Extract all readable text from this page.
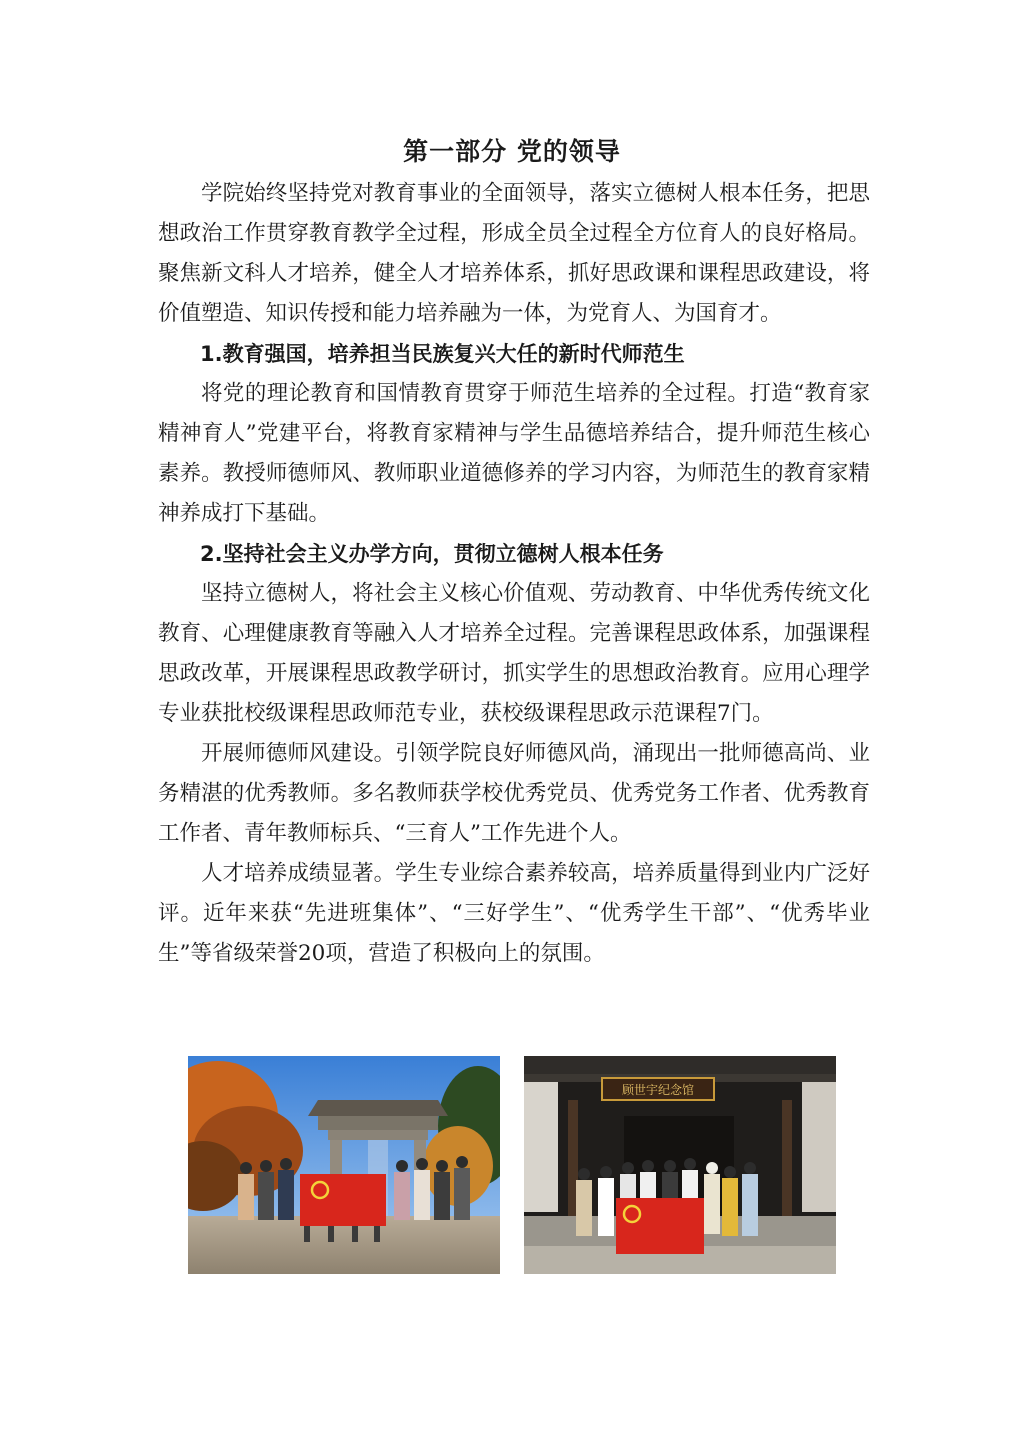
第一部分 党的领导

学院始终坚持党对教育事业的全面领导，落实立德树人根本任务，把思想政治工作贯穿教育教学全过程，形成全员全过程全方位育人的良好格局。聚焦新文科人才培养，健全人才培养体系，抓好思政课和课程思政建设，将价值塑造、知识传授和能力培养融为一体，为党育人、为国育才。

1.教育强国，培养担当民族复兴大任的新时代师范生

将党的理论教育和国情教育贯穿于师范生培养的全过程。打造“教育家精神育人”党建平台，将教育家精神与学生品德培养结合，提升师范生核心素养。教授师德师风、教师职业道德修养的学习内容，为师范生的教育家精神养成打下基础。

2.坚持社会主义办学方向，贯彻立德树人根本任务

坚持立德树人，将社会主义核心价值观、劳动教育、中华优秀传统文化教育、心理健康教育等融入人才培养全过程。完善课程思政体系，加强课程思政改革，开展课程思政教学研讨，抓实学生的思想政治教育。应用心理学专业获批校级课程思政师范专业，获校级课程思政示范课程7门。

开展师德师风建设。引领学院良好师德风尚，涌现出一批师德高尚、业务精湛的优秀教师。多名教师获学校优秀党员、优秀党务工作者、优秀教育工作者、青年教师标兵、“三育人”工作先进个人。

人才培养成绩显著。学生专业综合素养较高，培养质量得到业内广泛好评。近年来获“先进班集体”、“三好学生”、“优秀学生干部”、“优秀毕业生”等省级荣誉20项，营造了积极向上的氛围。

顾世宇纪念馆
